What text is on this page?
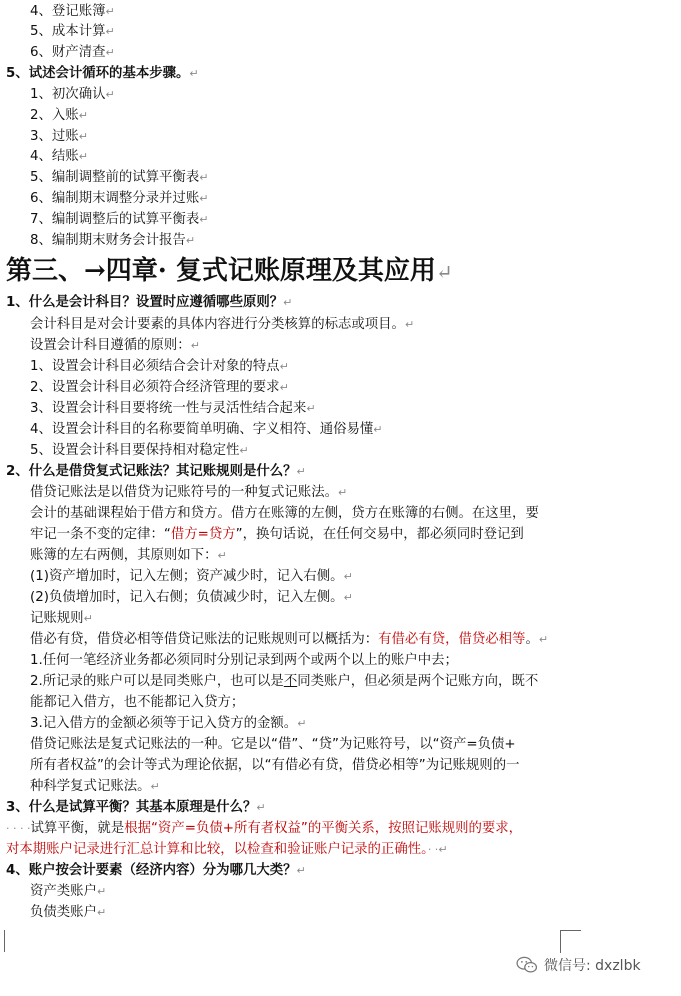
4、登记账簿↵
5、成本计算↵
6、财产清查↵
5、试述会计循环的基本步骤。↵
1、初次确认↵
2、入账↵
3、过账↵
4、结账↵
5、编制调整前的试算平衡表↵
6、编制期末调整分录并过账↵
7、编制调整后的试算平衡表↵
8、编制期末财务会计报告↵
第三、→四章· 复式记账原理及其应用↵
1、什么是会计科目？设置时应遵循哪些原则？↵
会计科目是对会计要素的具体内容进行分类核算的标志或项目。↵
设置会计科目遵循的原则：↵
1、设置会计科目必须结合会计对象的特点↵
2、设置会计科目必须符合经济管理的要求↵
3、设置会计科目要将统一性与灵活性结合起来↵
4、设置会计科目的名称要简单明确、字义相符、通俗易懂↵
5、设置会计科目要保持相对稳定性↵
2、什么是借贷复式记账法？其记账规则是什么？↵
借贷记账法是以借贷为记账符号的一种复式记账法。↵
会计的基础课程始于借方和贷方。借方在账簿的左侧，贷方在账簿的右侧。在这里，要
牢记一条不变的定律：“借方=贷方”，换句话说，在任何交易中，都必须同时登记到
账簿的左右两侧，其原则如下：↵
(1)资产增加时，记入左侧；资产减少时，记入右侧。↵
(2)负债增加时，记入右侧；负债减少时，记入左侧。↵
记账规则↵
借必有贷，借贷必相等借贷记账法的记账规则可以概括为：有借必有贷，借贷必相等。↵
1.任何一笔经济业务都必须同时分别记录到两个或两个以上的账户中去；
2.所记录的账户可以是同类账户，也可以是不同类账户，但必须是两个记账方向，既不
能都记入借方，也不能都记入贷方；
3.记入借方的金额必须等于记入贷方的金额。↵
借贷记账法是复式记账法的一种。它是以“借”、“贷”为记账符号，以“资产=负债+
所有者权益”的会计等式为理论依据，以“有借必有贷，借贷必相等”为记账规则的一
种科学复式记账法。↵
3、什么是试算平衡？其基本原理是什么？↵
· · · ·试算平衡，就是根据“资产=负债+所有者权益”的平衡关系，按照记账规则的要求，
对本期账户记录进行汇总计算和比较，以检查和验证账户记录的正确性。· ·↵
4、账户按会计要素（经济内容）分为哪几大类？↵
资产类账户↵
负债类账户↵
微信号: dxzlbk
